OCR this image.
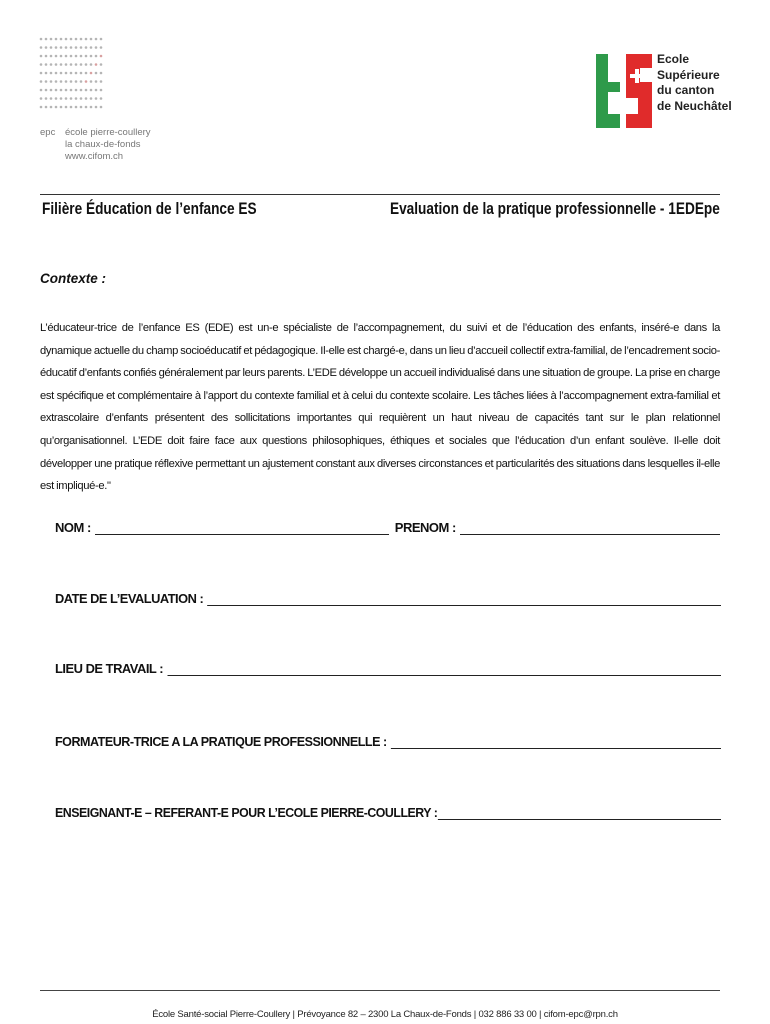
epc école pierre-coullery
la chaux-de-fonds
www.cifom.ch
Ecole
Supérieure
du canton
de Neuchâtel
Filière Éducation de l’enfance ES	Evaluation de la pratique professionnelle - 1EDEpe
Contexte :
L’éducateur-trice de l’enfance ES (EDE) est un-e spécialiste de l’accompagnement, du suivi et de l’éducation des enfants, inséré-e dans la dynamique actuelle du champ socioéducatif et pédagogique. Il-elle est chargé-e, dans un lieu d’accueil collectif extra-familial, de l’encadrement socio-éducatif d’enfants confiés généralement par leurs parents. L’EDE développe un accueil individualisé dans une situation de groupe. La prise en charge est spécifique et complémentaire à l’apport du contexte familial et à celui du contexte scolaire. Les tâches liées à l’accompagnement extra-familial et extrascolaire d’enfants présentent des sollicitations importantes qui requièrent un haut niveau de capacités tant sur le plan relationnel qu’organisationnel. L’EDE doit faire face aux questions philosophiques, éthiques et sociales que l’éducation d’un enfant soulève. Il-elle doit développer une pratique réflexive permettant un ajustement constant aux diverses circonstances et particularités des situations dans lesquelles il-elle est impliqué-e."
NOM :	PRENOM :
DATE DE L’EVALUATION :
LIEU DE TRAVAIL :
FORMATEUR-TRICE A LA PRATIQUE PROFESSIONNELLE :
ENSEIGNANT-E – REFERANT-E POUR L’ECOLE PIERRE-COULLERY :
École Santé-social Pierre-Coullery | Prévoyance 82 – 2300 La Chaux-de-Fonds | 032 886 33 00 | cifom-epc@rpn.ch
